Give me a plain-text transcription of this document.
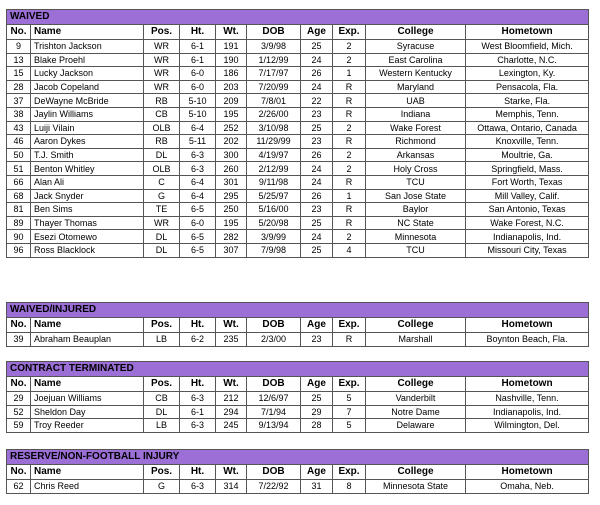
WAIVED									
No.	Name	Pos.	Ht.	Wt.	DOB	Age	Exp.	College	Hometown
9	Trishton Jackson	WR	6-1	191	3/9/98	25	2	Syracuse	West Bloomfield, Mich.
13	Blake Proehl	WR	6-1	190	1/12/99	24	2	East Carolina	Charlotte, N.C.
15	Lucky Jackson	WR	6-0	186	7/17/97	26	1	Western Kentucky	Lexington, Ky.
28	Jacob Copeland	WR	6-0	203	7/20/99	24	R	Maryland	Pensacola, Fla.
37	DeWayne McBride	RB	5-10	209	7/8/01	22	R	UAB	Starke, Fla.
38	Jaylin Williams	CB	5-10	195	2/26/00	23	R	Indiana	Memphis, Tenn.
43	Luiji Vilain	OLB	6-4	252	3/10/98	25	2	Wake Forest	Ottawa, Ontario, Canada
46	Aaron Dykes	RB	5-11	202	11/29/99	23	R	Richmond	Knoxville, Tenn.
50	T.J. Smith	DL	6-3	300	4/19/97	26	2	Arkansas	Moultrie, Ga.
51	Benton Whitley	OLB	6-3	260	2/12/99	24	2	Holy Cross	Springfield, Mass.
66	Alan Ali	C	6-4	301	9/11/98	24	R	TCU	Fort Worth, Texas
68	Jack Snyder	G	6-4	295	5/25/97	26	1	San Jose State	Mill Valley, Calif.
81	Ben Sims	TE	6-5	250	5/16/00	23	R	Baylor	San Antonio, Texas
89	Thayer Thomas	WR	6-0	195	5/20/98	25	R	NC State	Wake Forest, N.C.
90	Esezi Otomewo	DL	6-5	282	3/9/99	24	2	Minnesota	Indianapolis, Ind.
96	Ross Blacklock	DL	6-5	307	7/9/98	25	4	TCU	Missouri City, Texas
WAIVED/INJURED									
No.	Name	Pos.	Ht.	Wt.	DOB	Age	Exp.	College	Hometown
39	Abraham Beauplan	LB	6-2	235	2/3/00	23	R	Marshall	Boynton Beach, Fla.
CONTRACT TERMINATED									
No.	Name	Pos.	Ht.	Wt.	DOB	Age	Exp.	College	Hometown
29	Joejuan Williams	CB	6-3	212	12/6/97	25	5	Vanderbilt	Nashville, Tenn.
52	Sheldon Day	DL	6-1	294	7/1/94	29	7	Notre Dame	Indianapolis, Ind.
59	Troy Reeder	LB	6-3	245	9/13/94	28	5	Delaware	Wilmington, Del.
RESERVE/NON-FOOTBALL INJURY									
No.	Name	Pos.	Ht.	Wt.	DOB	Age	Exp.	College	Hometown
62	Chris Reed	G	6-3	314	7/22/92	31	8	Minnesota State	Omaha, Neb.
